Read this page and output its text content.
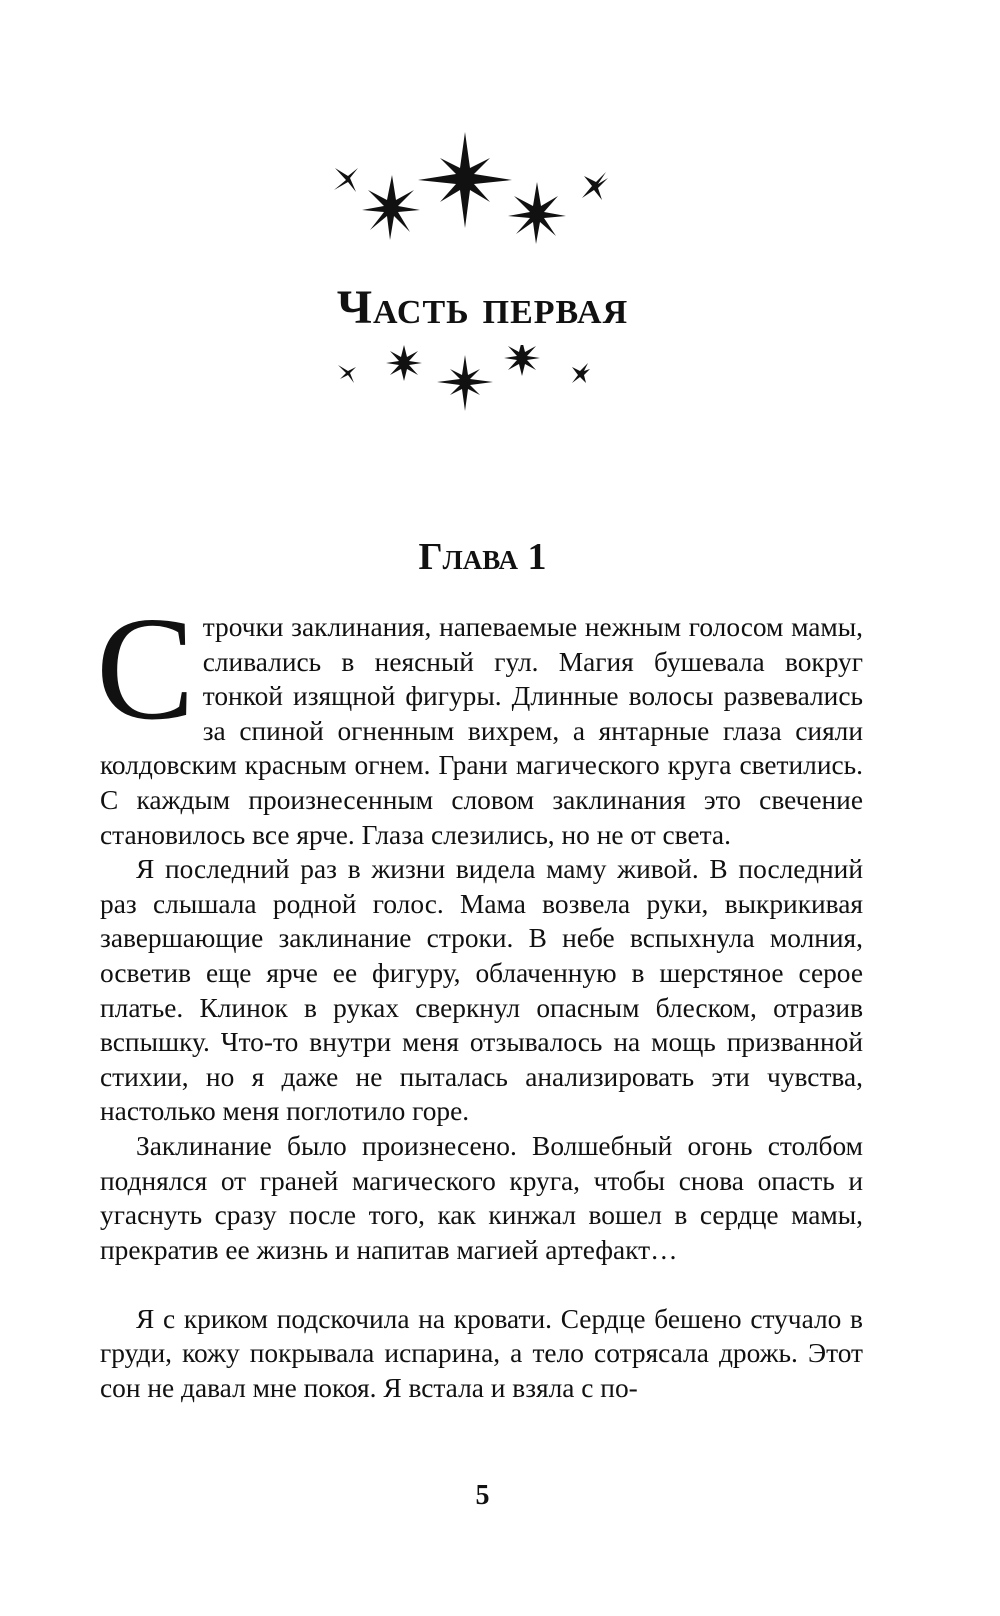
Часть первая
Глава 1

Строчки заклинания, напеваемые нежным голосом мамы, сливались в неясный гул. Магия бушевала вокруг тонкой изящной фигуры. Длинные волосы развевались за спиной огненным вихрем, а янтарные глаза сияли колдовским красным огнем. Грани магического круга светились. С каждым произнесенным словом заклинания это свечение становилось все ярче. Глаза слезились, но не от света.

Я последний раз в жизни видела маму живой. В последний раз слышала родной голос. Мама возвела руки, выкрикивая завершающие заклинание строки. В небе вспыхнула молния, осветив еще ярче ее фигуру, облаченную в шерстяное серое платье. Клинок в руках сверкнул опасным блеском, отразив вспышку. Что-то внутри меня отзывалось на мощь призванной стихии, но я даже не пыталась анализировать эти чувства, настолько меня поглотило горе.

Заклинание было произнесено. Волшебный огонь столбом поднялся от граней магического круга, чтобы снова опасть и угаснуть сразу после того, как кинжал вошел в сердце мамы, прекратив ее жизнь и напитав магией артефакт…

Я с криком подскочила на кровати. Сердце бешено стучало в груди, кожу покрывала испарина, а тело сотрясала дрожь. Этот сон не давал мне покоя. Я встала и взяла с по-

5
